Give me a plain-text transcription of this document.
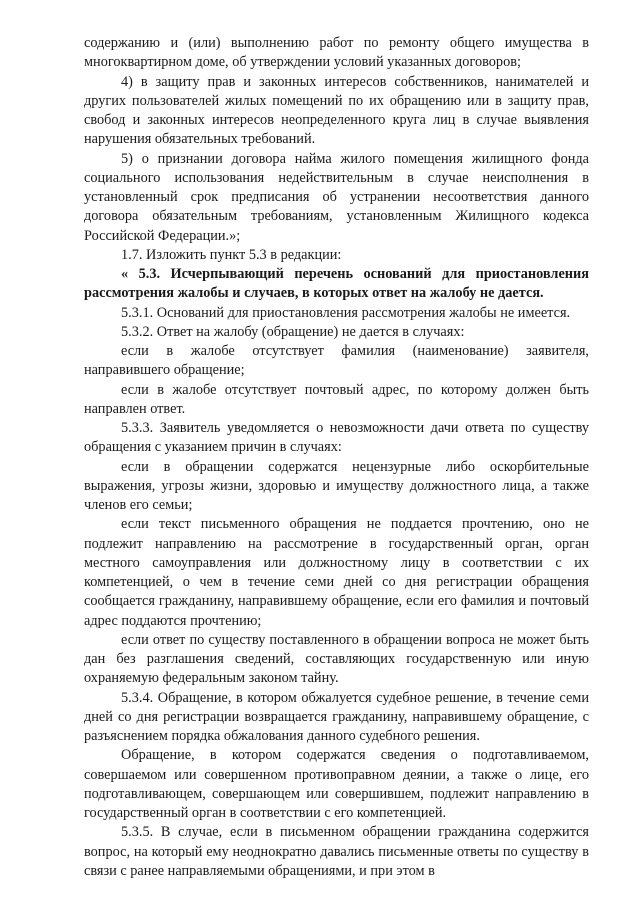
содержанию и (или) выполнению работ по ремонту общего имущества в многоквартирном доме, об утверждении условий указанных договоров;

4) в защиту прав и законных интересов собственников, нанимателей и других пользователей жилых помещений по их обращению или в защиту прав, свобод и законных интересов неопределенного круга лиц в случае выявления нарушения обязательных требований.

5) о признании договора найма жилого помещения жилищного фонда социального использования недействительным в случае неисполнения в установленный срок предписания об устранении несоответствия данного договора обязательным требованиям, установленным Жилищного кодекса Российской Федерации.»;

1.7. Изложить пункт 5.3 в редакции:

« 5.3. Исчерпывающий перечень оснований для приостановления рассмотрения жалобы и случаев, в которых ответ на жалобу не дается.

5.3.1. Оснований для приостановления рассмотрения жалобы не имеется.

5.3.2. Ответ на жалобу (обращение) не дается в случаях:

если в жалобе отсутствует фамилия (наименование) заявителя, направившего обращение;

если в жалобе отсутствует почтовый адрес, по которому должен быть направлен ответ.

5.3.3. Заявитель уведомляется о невозможности дачи ответа по существу обращения с указанием причин в случаях:

если в обращении содержатся нецензурные либо оскорбительные выражения, угрозы жизни, здоровью и имуществу должностного лица, а также членов его семьи;

если текст письменного обращения не поддается прочтению, оно не подлежит направлению на рассмотрение в государственный орган, орган местного самоуправления или должностному лицу в соответствии с их компетенцией, о чем в течение семи дней со дня регистрации обращения сообщается гражданину, направившему обращение, если его фамилия и почтовый адрес поддаются прочтению;

если ответ по существу поставленного в обращении вопроса не может быть дан без разглашения сведений, составляющих государственную или иную охраняемую федеральным законом тайну.

5.3.4. Обращение, в котором обжалуется судебное решение, в течение семи дней со дня регистрации возвращается гражданину, направившему обращение, с разъяснением порядка обжалования данного судебного решения.

Обращение, в котором содержатся сведения о подготавливаемом, совершаемом или совершенном противоправном деянии, а также о лице, его подготавливающем, совершающем или совершившем, подлежит направлению в государственный орган в соответствии с его компетенцией.

5.3.5. В случае, если в письменном обращении гражданина содержится вопрос, на который ему неоднократно давались письменные ответы по существу в связи с ранее направляемыми обращениями, и при этом в
